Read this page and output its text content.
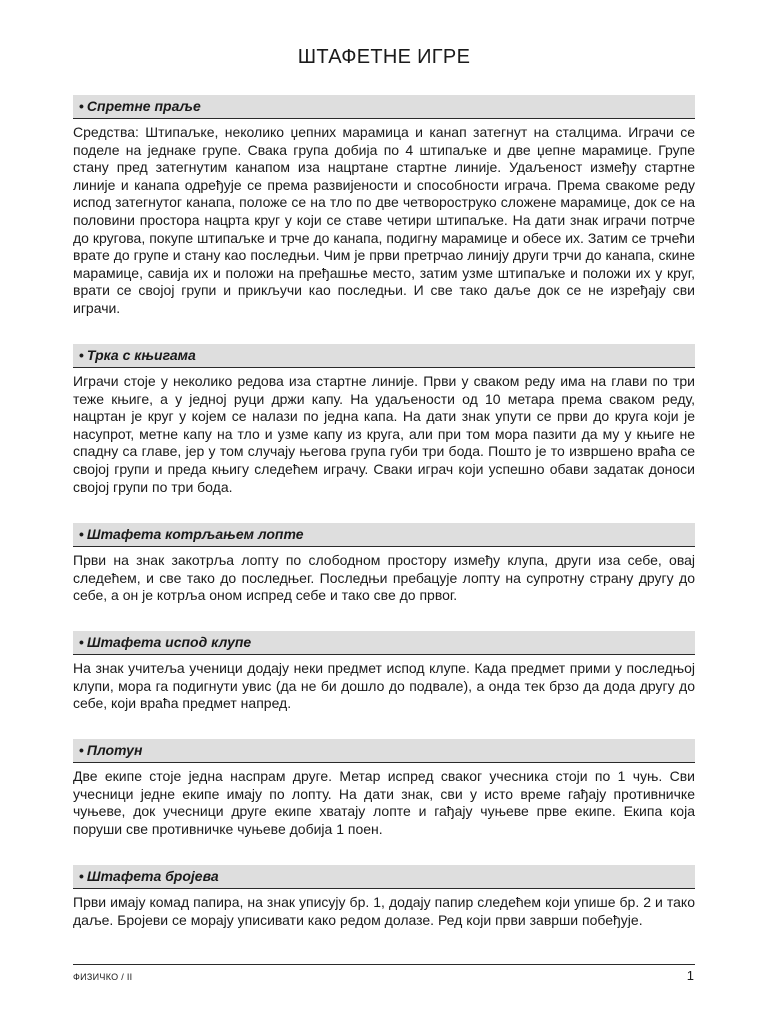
ШТАФЕТНЕ ИГРЕ
• Спретне праље

Средства: Штипаљке, неколико џепних марамица и канап затегнут на сталцима. Играчи се поделе на једнаке групе. Свака група добија по 4 штипаљке и две џепне марамице. Групе стану пред затегнутим канапом иза нацртане стартне линије. Удаљеност између стартне линије и канапа одређује се према развијености и способности играча. Према свакоме реду испод затегнутог канапа, положе се на тло по две четвороструко сложене марамице, док се на половини простора нацрта круг у који се ставе четири штипаљке. На дати знак играчи потрче до кругова, покупе штипаљке и трче до канапа, подигну марамице и обесе их. Затим се трчећи врате до групе и стану као последњи. Чим је први претрчао линију други трчи до канапа, скине марамице, савија их и положи на пређашње место, затим узме штипаљке и положи их у круг, врати се својој групи и прикључи као последњи. И све тако даље док се не изређају сви играчи.

• Трка с књигама

Играчи стоје у неколико редова иза стартне линије. Први у сваком реду има на глави по три теже књиге, а у једној руци држи капу. На удаљености од 10 метара према сваком реду, нацртан је круг у којем се налази по једна капа. На дати знак упути се први до круга који је насупрот, метне капу на тло и узме капу из круга, али при том мора пазити да му у књиге не спадну са главе, јер у том случају његова група губи три бода. Пошто је то извршено враћа се својој групи и преда књигу следећем играчу. Сваки играч који успешно обави задатак доноси својој групи по три бода.

• Штафета котрљањем лопте

Први на знак закотрља лопту по слободном простору између клупа, други иза себе, овај следећем, и све тако до последњег. Последњи пребацује лопту на супротну страну другу до себе, а он је котрља оном испред себе и тако све до првог.

• Штафета испод клупе

На знак учитеља ученици додају неки предмет испод клупе. Када предмет прими у последњој клупи, мора га подигнути увис (да не би дошло до подвале), а онда тек брзо да дода другу до себе, који враћа предмет напред.

• Плотун

Две екипе стоје једна наспрам друге. Метар испред сваког учесника стоји по 1 чуњ. Сви учесници једне екипе имају по лопту. На дати знак, сви у исто време гађају противничке чуњеве, док учесници друге екипе хватају лопте и гађају чуњеве прве екипе. Екипа која поруши све противничке чуњеве добија 1 поен.

• Штафета бројева

Први имају комад папира, на знак уписују бр. 1, додају папир следећем који упише бр. 2 и тако даље. Бројеви се морају уписивати како редом долазе. Ред који први заврши побеђује.

ФИЗИЧКО / II	1
